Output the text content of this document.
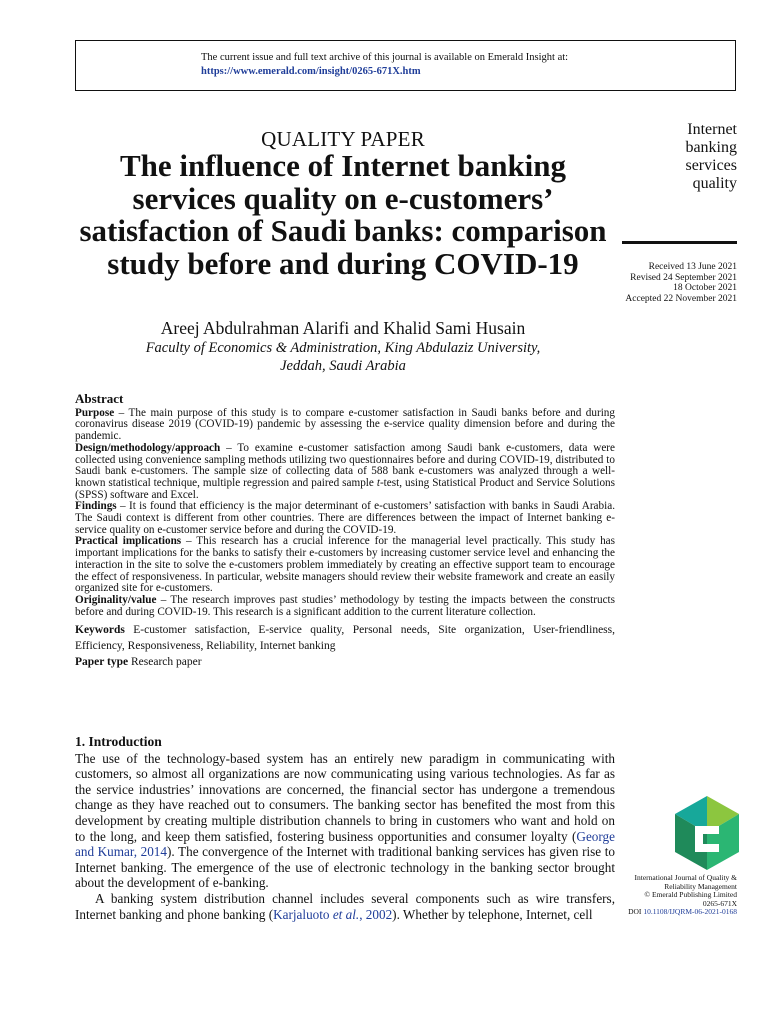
The current issue and full text archive of this journal is available on Emerald Insight at:
https://www.emerald.com/insight/0265-671X.htm
QUALITY PAPER
The influence of Internet banking services quality on e-customers’ satisfaction of Saudi banks: comparison study before and during COVID-19
Areej Abdulrahman Alarifi and Khalid Sami Husain
Faculty of Economics & Administration, King Abdulaziz University,
Jeddah, Saudi Arabia
Internet
banking
services
quality
Received 13 June 2021
Revised 24 September 2021
18 October 2021
Accepted 22 November 2021
Abstract

Purpose – The main purpose of this study is to compare e-customer satisfaction in Saudi banks before and during coronavirus disease 2019 (COVID-19) pandemic by assessing the e-service quality dimension before and during the pandemic.

Design/methodology/approach – To examine e-customer satisfaction among Saudi bank e-customers, data were collected using convenience sampling methods utilizing two questionnaires before and during COVID-19, distributed to Saudi bank e-customers. The sample size of collecting data of 588 bank e-customers was analyzed through a well-known statistical technique, multiple regression and paired sample t-test, using Statistical Product and Service Solutions (SPSS) software and Excel.

Findings – It is found that efficiency is the major determinant of e-customers’ satisfaction with banks in Saudi Arabia. The Saudi context is different from other countries. There are differences between the impact of Internet banking e-service quality on e-customer service before and during the COVID-19.

Practical implications – This research has a crucial inference for the managerial level practically. This study has important implications for the banks to satisfy their e-customers by increasing customer service level and enhancing the interaction in the site to solve the e-customers problem immediately by creating an effective support team to encourage the effect of responsiveness. In particular, website managers should review their website framework and create an easily organized site for e-customers.

Originality/value – The research improves past studies’ methodology by testing the impacts between the constructs before and during COVID-19. This research is a significant addition to the current literature collection.

Keywords E-customer satisfaction, E-service quality, Personal needs, Site organization, User-friendliness, Efficiency, Responsiveness, Reliability, Internet banking

Paper type Research paper

1. Introduction

The use of the technology-based system has an entirely new paradigm in communicating with customers, so almost all organizations are now communicating using various technologies. As far as the service industries’ innovations are concerned, the financial sector has undergone a tremendous change as they have reached out to consumers. The banking sector has benefited the most from this development by creating multiple distribution channels to bring in customers who want and hold on to the long, and keep them satisfied, fostering business opportunities and consumer loyalty (George and Kumar, 2014). The convergence of the Internet with traditional banking services has given rise to Internet banking. The emergence of the use of electronic technology in the banking sector brought about the development of e-banking.

A banking system distribution channel includes several components such as wire transfers, Internet banking and phone banking (Karjaluoto et al., 2002). Whether by telephone, Internet, cell

International Journal of Quality &
Reliability Management
© Emerald Publishing Limited
0265-671X
DOI 10.1108/IJQRM-06-2021-0168
